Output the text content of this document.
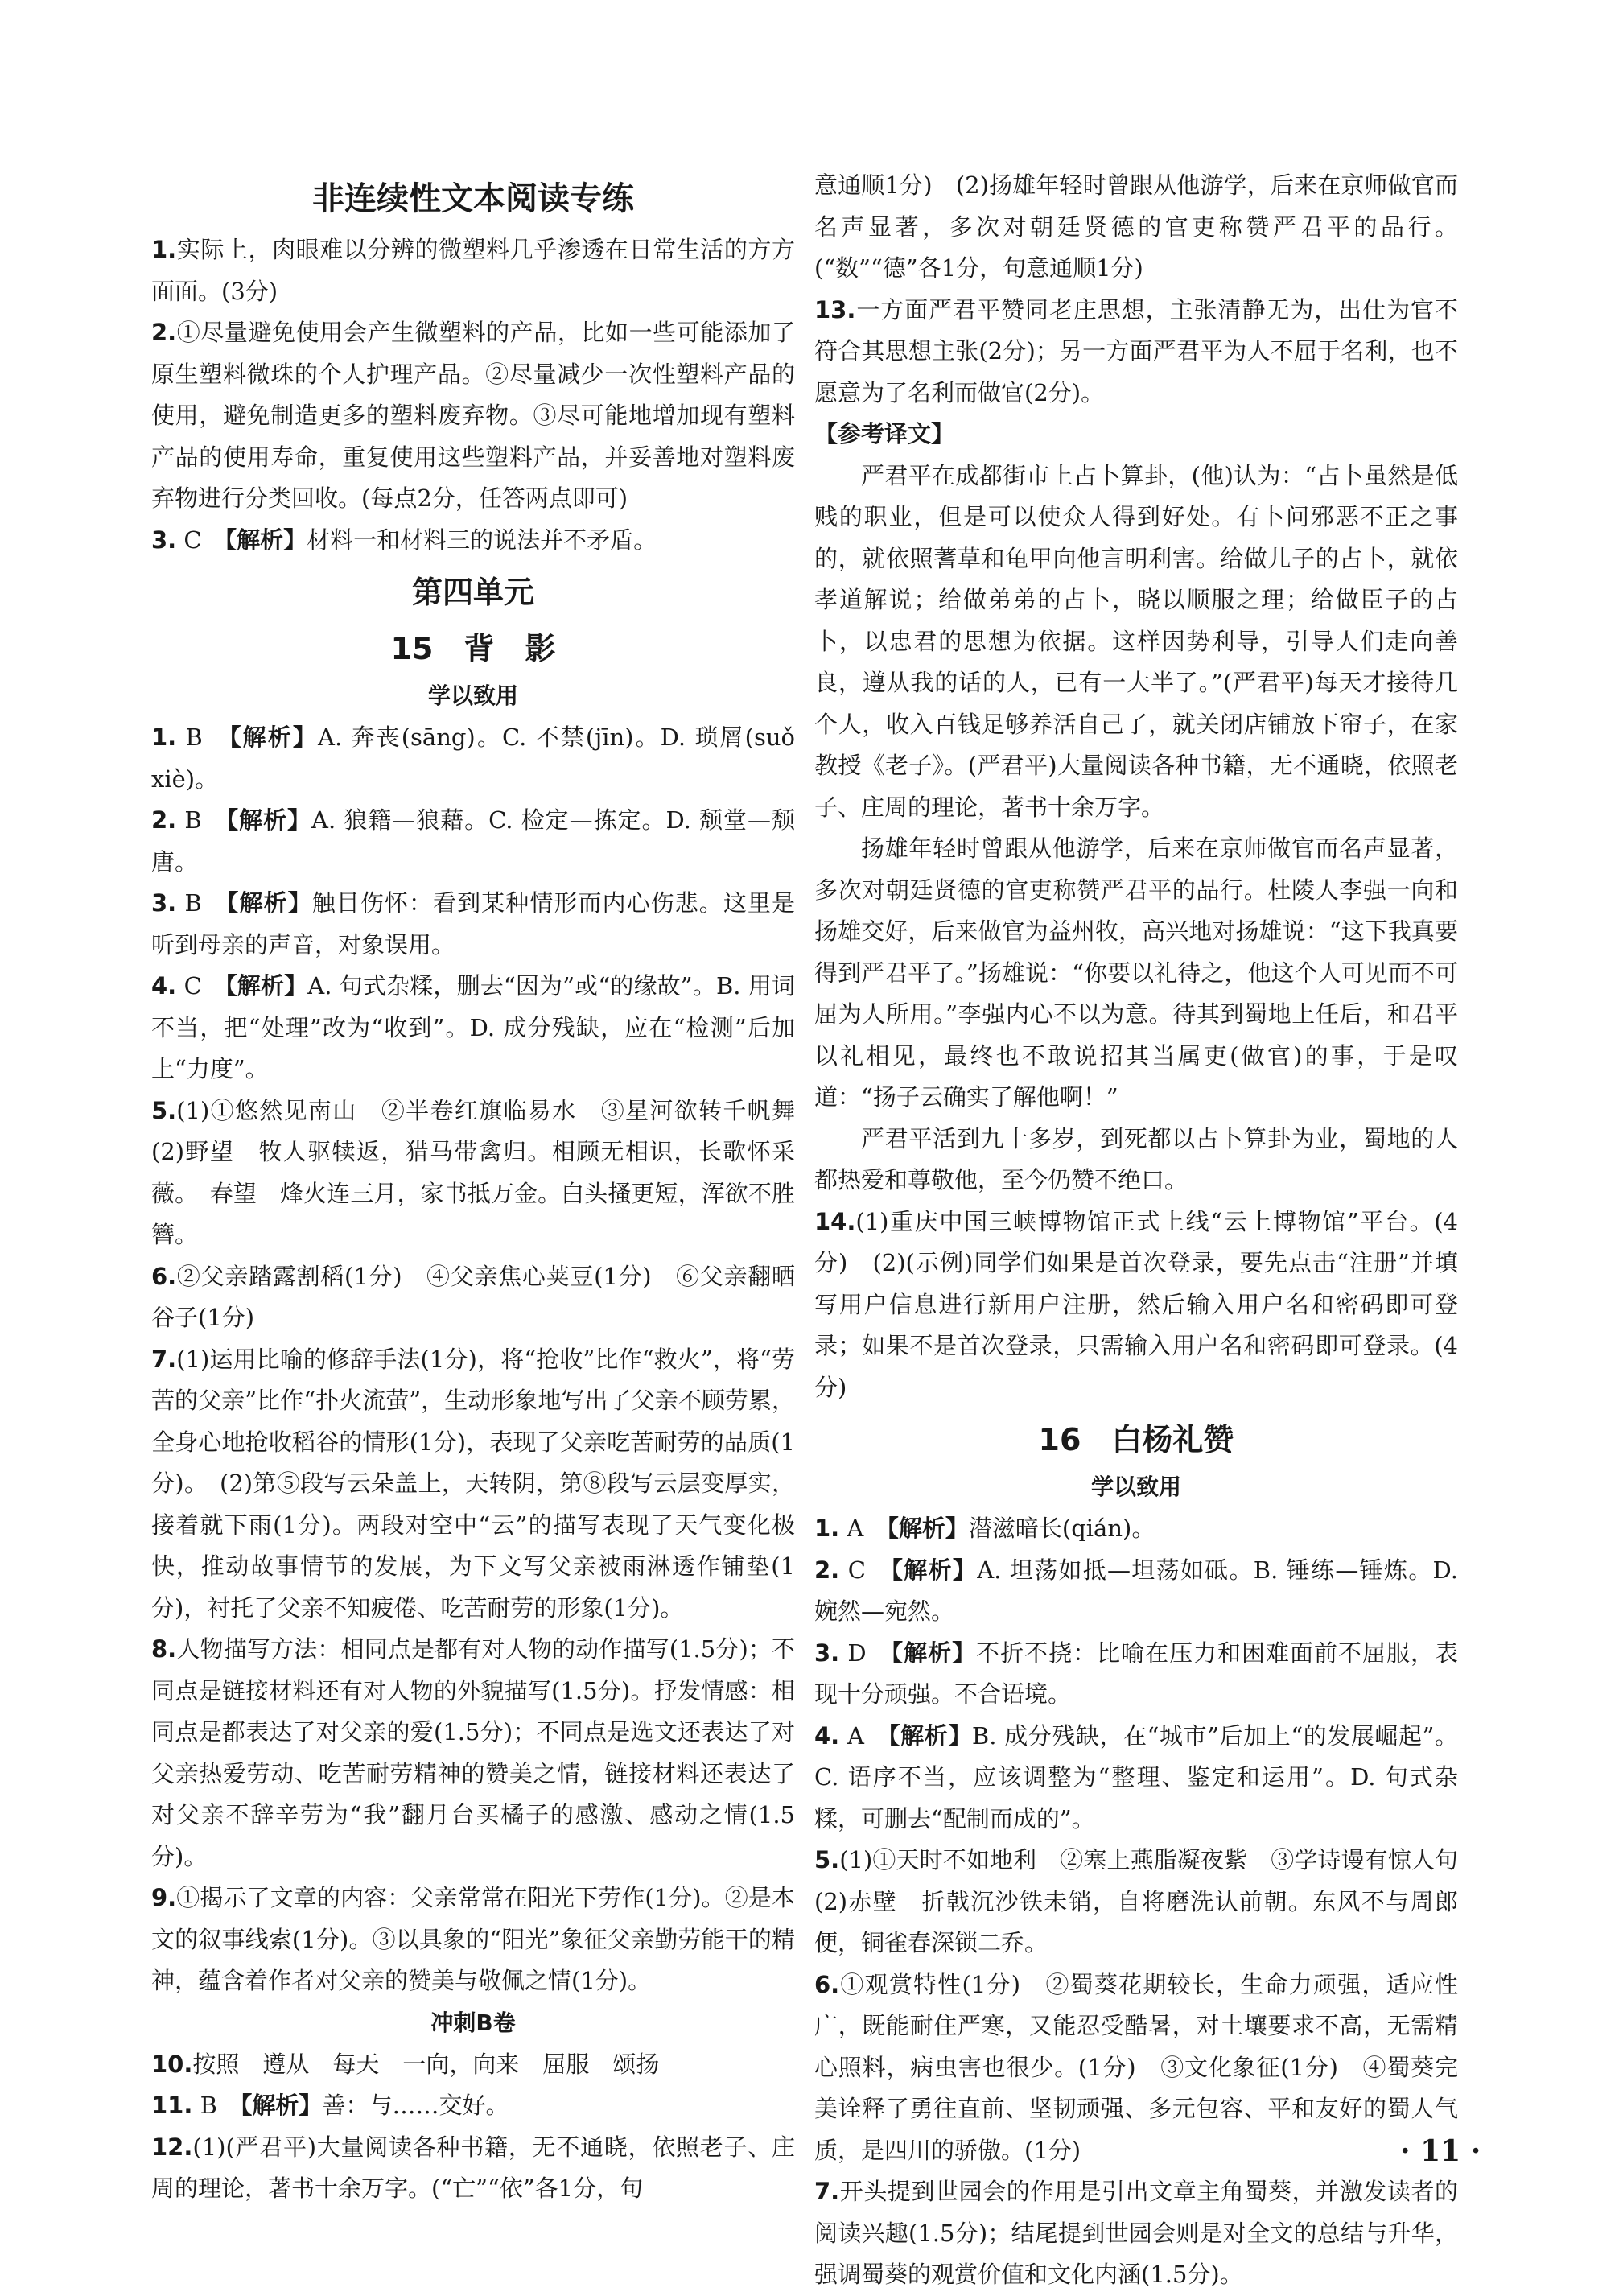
非连续性文本阅读专练
1.实际上，肉眼难以分辨的微塑料几乎渗透在日常生活的方方面面。(3分)
2.①尽量避免使用会产生微塑料的产品，比如一些可能添加了原生塑料微珠的个人护理产品。②尽量减少一次性塑料产品的使用，避免制造更多的塑料废弃物。③尽可能地增加现有塑料产品的使用寿命，重复使用这些塑料产品，并妥善地对塑料废弃物进行分类回收。(每点2分，任答两点即可)
3. C　 【解析】材料一和材料三的说法并不矛盾。
第四单元
15　背　影
学以致用
1. B　 【解析】A. 奔丧(sāng)。C. 不禁(jīn)。D. 琐屑(suǒ xiè)。
2. B　 【解析】A. 狼籍—狼藉。C. 检定—拣定。D. 颓堂—颓唐。
3. B　 【解析】触目伤怀：看到某种情形而内心伤悲。这里是听到母亲的声音，对象误用。
4. C　 【解析】A. 句式杂糅，删去“因为”或“的缘故”。B. 用词不当，把“处理”改为“收到”。D. 成分残缺，应在“检测”后加上“力度”。
5.(1)①悠然见南山　②半卷红旗临易水　③星河欲转千帆舞　(2)野望　牧人驱犊返，猎马带禽归。相顾无相识，长歌怀采薇。　春望　烽火连三月，家书抵万金。白头搔更短，浑欲不胜簪。
6.②父亲踏露割稻(1分)　④父亲焦心荚豆(1分)　⑥父亲翻晒谷子(1分)
7.(1)运用比喻的修辞手法(1分)，将“抢收”比作“救火”，将“劳苦的父亲”比作“扑火流萤”，生动形象地写出了父亲不顾劳累，全身心地抢收稻谷的情形(1分)，表现了父亲吃苦耐劳的品质(1分)。　(2)第⑤段写云朵盖上，天转阴，第⑧段写云层变厚实，接着就下雨(1分)。两段对空中“云”的描写表现了天气变化极快，推动故事情节的发展，为下文写父亲被雨淋透作铺垫(1分)，衬托了父亲不知疲倦、吃苦耐劳的形象(1分)。
8.人物描写方法：相同点是都有对人物的动作描写(1.5分)；不同点是链接材料还有对人物的外貌描写(1.5分)。抒发情感：相同点是都表达了对父亲的爱(1.5分)；不同点是选文还表达了对父亲热爱劳动、吃苦耐劳精神的赞美之情，链接材料还表达了对父亲不辞辛劳为“我”翻月台买橘子的感激、感动之情(1.5分)。
9.①揭示了文章的内容：父亲常常在阳光下劳作(1分)。②是本文的叙事线索(1分)。③以具象的“阳光”象征父亲勤劳能干的精神，蕴含着作者对父亲的赞美与敬佩之情(1分)。
冲刺B卷
10.按照　遵从　每天　一向，向来　屈服　颂扬
11. B　 【解析】善：与……交好。
12.(1)(严君平)大量阅读各种书籍，无不通晓，依照老子、庄周的理论，著书十余万字。(“亡”“依”各1分，句
意通顺1分)　(2)扬雄年轻时曾跟从他游学，后来在京师做官而名声显著，多次对朝廷贤德的官吏称赞严君平的品行。(“数”“德”各1分，句意通顺1分)
13.一方面严君平赞同老庄思想，主张清静无为，出仕为官不符合其思想主张(2分)；另一方面严君平为人不屈于名利，也不愿意为了名利而做官(2分)。
【参考译文】

严君平在成都街市上占卜算卦，(他)认为：“占卜虽然是低贱的职业，但是可以使众人得到好处。有卜问邪恶不正之事的，就依照蓍草和龟甲向他言明利害。给做儿子的占卜，就依孝道解说；给做弟弟的占卜，晓以顺服之理；给做臣子的占卜，以忠君的思想为依据。这样因势利导，引导人们走向善良，遵从我的话的人，已有一大半了。”(严君平)每天才接待几个人，收入百钱足够养活自己了，就关闭店铺放下帘子，在家教授《老子》。(严君平)大量阅读各种书籍，无不通晓，依照老子、庄周的理论，著书十余万字。

扬雄年轻时曾跟从他游学，后来在京师做官而名声显著，多次对朝廷贤德的官吏称赞严君平的品行。杜陵人李强一向和扬雄交好，后来做官为益州牧，高兴地对扬雄说：“这下我真要得到严君平了。”扬雄说：“你要以礼待之，他这个人可见而不可屈为人所用。”李强内心不以为意。待其到蜀地上任后，和君平以礼相见，最终也不敢说招其当属吏(做官)的事，于是叹道：“扬子云确实了解他啊！”

严君平活到九十多岁，到死都以占卜算卦为业，蜀地的人都热爱和尊敬他，至今仍赞不绝口。

14.(1)重庆中国三峡博物馆正式上线“云上博物馆”平台。(4分)　(2)(示例)同学们如果是首次登录，要先点击“注册”并填写用户信息进行新用户注册，然后输入用户名和密码即可登录；如果不是首次登录，只需输入用户名和密码即可登录。(4分)
16　白杨礼赞
学以致用
1. A　 【解析】潜滋暗长(qián)。
2. C　 【解析】A. 坦荡如抵—坦荡如砥。B. 锤练—锤炼。D. 婉然—宛然。
3. D　 【解析】不折不挠：比喻在压力和困难面前不屈服，表现十分顽强。不合语境。
4. A　 【解析】B. 成分残缺，在“城市”后加上“的发展崛起”。C. 语序不当，应该调整为“整理、鉴定和运用”。D. 句式杂糅，可删去“配制而成的”。
5.(1)①天时不如地利　②塞上燕脂凝夜紫　③学诗谩有惊人句　(2)赤壁　折戟沉沙铁未销，自将磨洗认前朝。东风不与周郎便，铜雀春深锁二乔。
6.①观赏特性(1分)　②蜀葵花期较长，生命力顽强，适应性广，既能耐住严寒，又能忍受酷暑，对土壤要求不高，无需精心照料，病虫害也很少。(1分)　③文化象征(1分)　④蜀葵完美诠释了勇往直前、坚韧顽强、多元包容、平和友好的蜀人气质，是四川的骄傲。(1分)
7.开头提到世园会的作用是引出文章主角蜀葵，并激发读者的阅读兴趣(1.5分)；结尾提到世园会则是对全文的总结与升华，强调蜀葵的观赏价值和文化内涵(1.5分)。
· 11 ·
